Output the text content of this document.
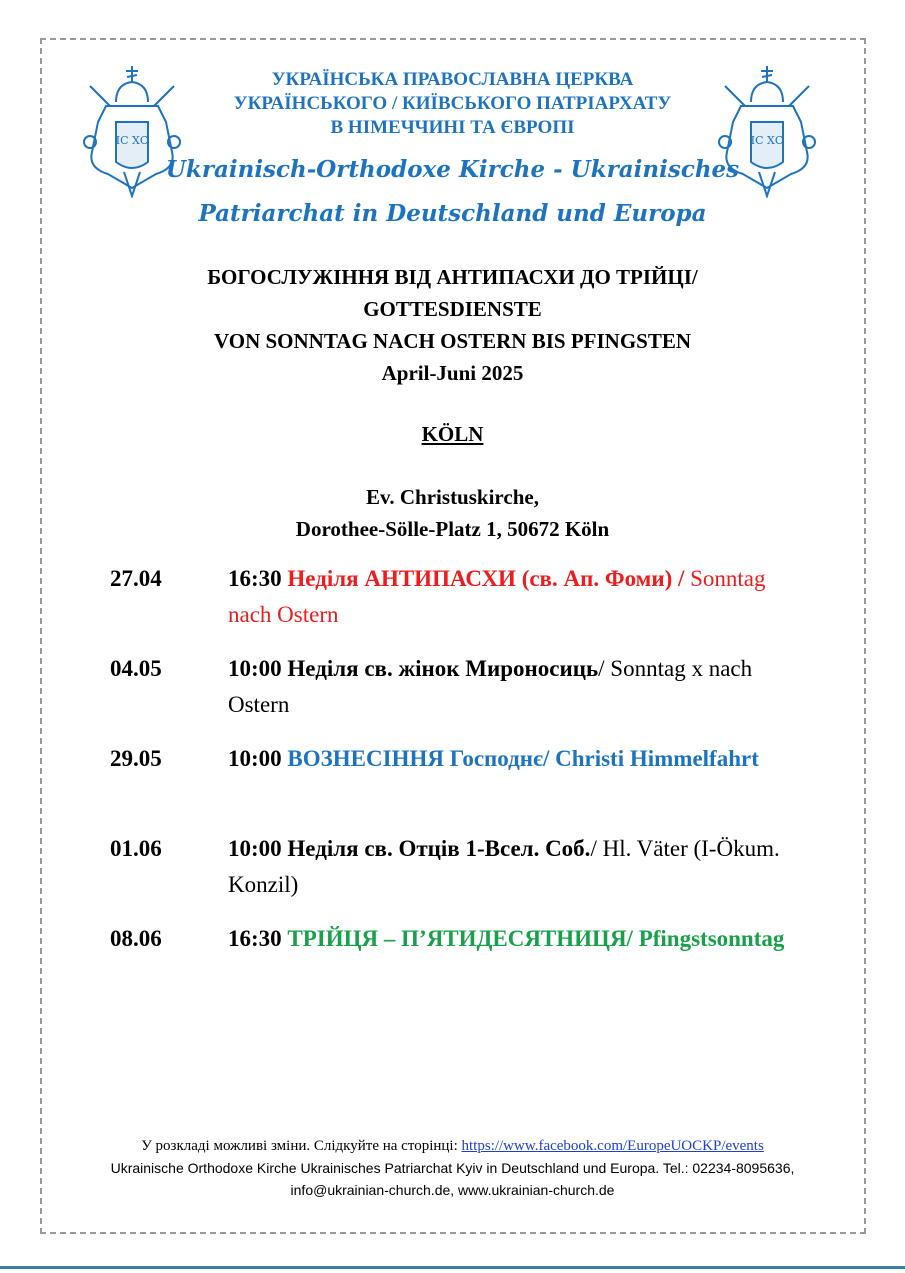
ІС ХС	ІС ХС
УКРАЇНСЬКА ПРАВОСЛАВНА ЦЕРКВА
УКРАЇНСЬКОГО / КИЇВСЬКОГО ПАТРІАРХАТУ
В НІМЕЧЧИНІ ТА ЄВРОПІ
Ukrainisch-Orthodoxe Kirche - Ukrainisches
Patriarchat in Deutschland und Europa
БОГОСЛУЖІННЯ ВІД АНТИПАСХИ ДО ТРІЙЦІ/
GOTTESDIENSTE
VON SONNTAG NACH OSTERN BIS PFINGSTEN
April-Juni 2025
KÖLN
Ev. Christuskirche,
Dorothee-Sölle-Platz 1, 50672 Köln
27.04	16:30 Неділя АНТИПАСХИ (св. Ап. Фоми) / Sonntag nach Ostern
04.05	10:00 Неділя св. жінок Мироносиць/ Sonntag x nach Ostern
29.05	10:00 ВОЗНЕСІННЯ Господнє/ Christi Himmelfahrt
01.06	10:00 Неділя св. Отців 1-Всел. Соб./ Hl. Väter (I-Ökum. Konzil)
08.06	16:30 ТРІЙЦЯ – П’ЯТИДЕСЯТНИЦЯ/ Pfingstsonntag
У розкладі можливі зміни. Слідкуйте на сторінці: https://www.facebook.com/EuropeUOCKP/events
Ukrainische Orthodoxe Kirche Ukrainisches Patriarchat Kyiv in Deutschland und Europa. Tel.: 02234-8095636,
info@ukrainian-church.de, www.ukrainian-church.de
